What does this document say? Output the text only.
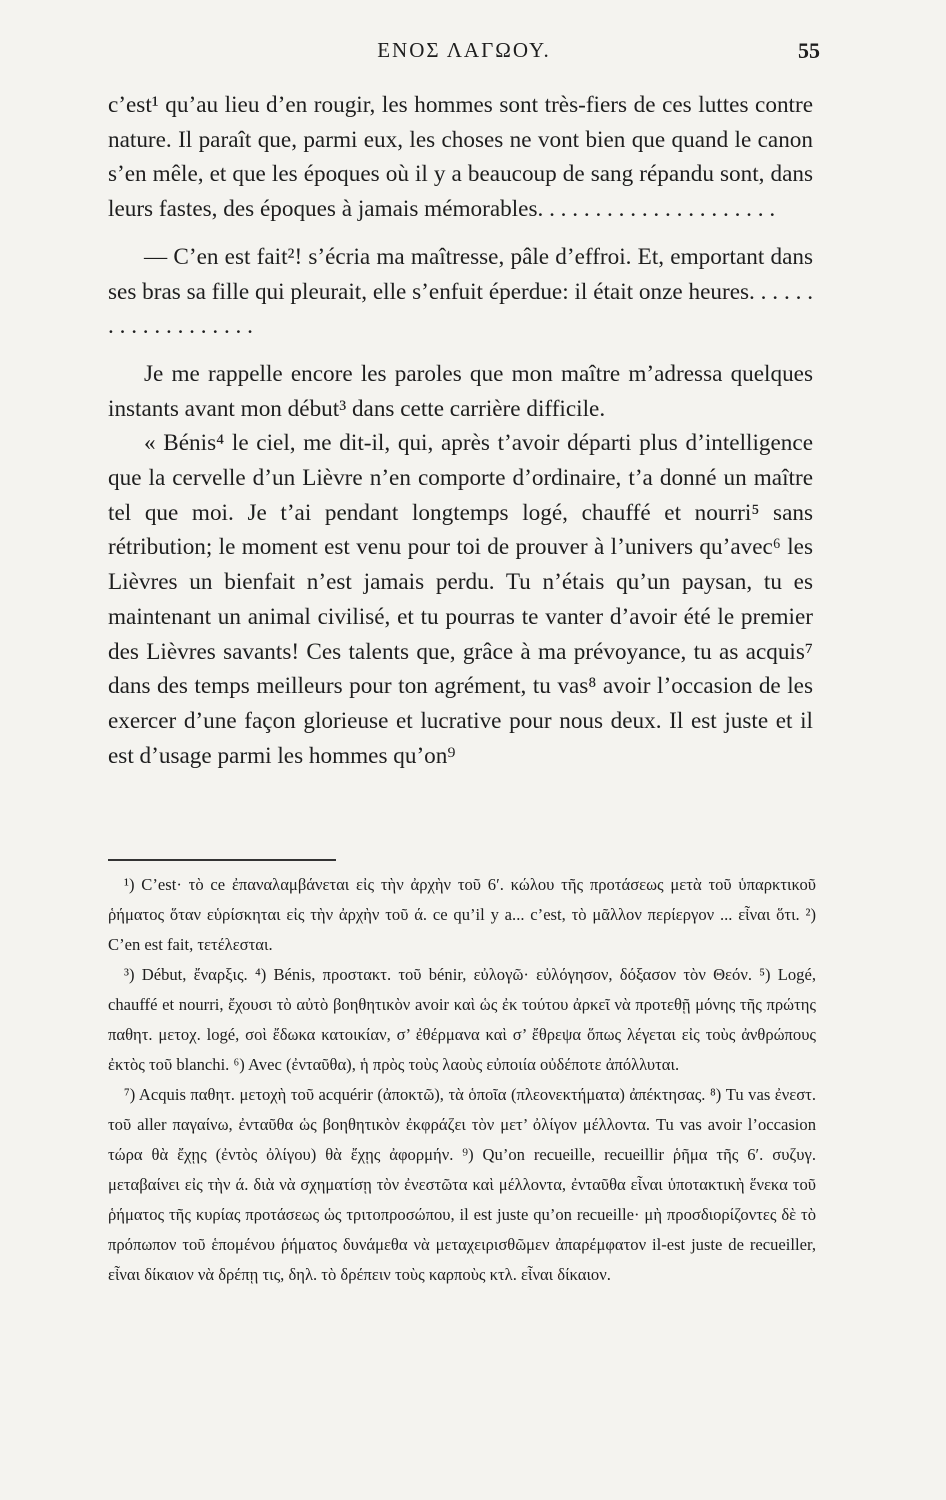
ΕΝΟΣ ΛΑΓΩΟΥ.	55

c’est¹ qu’au lieu d’en rougir, les hommes sont très-fiers de ces luttes contre nature. Il paraît que, parmi eux, les choses ne vont bien que quand le canon s’en mêle, et que les époques où il y a beaucoup de sang répandu sont, dans leurs fastes, des époques à jamais mémorables. . . . . . . . . . . . . . . . . . . . .

— C’en est fait²! s’écria ma maîtresse, pâle d’effroi. Et, emportant dans ses bras sa fille qui pleurait, elle s’enfuit éperdue: il était onze heures. . . . . . . . . . . . . . . . . . .

Je me rappelle encore les paroles que mon maître m’adressa quelques instants avant mon début³ dans cette carrière difficile.

« Bénis⁴ le ciel, me dit-il, qui, après t’avoir départi plus d’intelligence que la cervelle d’un Lièvre n’en comporte d’ordinaire, t’a donné un maître tel que moi. Je t’ai pendant longtemps logé, chauffé et nourri⁵ sans rétribution; le moment est venu pour toi de prouver à l’univers qu’avec⁶ les Lièvres un bienfait n’est jamais perdu. Tu n’étais qu’un paysan, tu es maintenant un animal civilisé, et tu pourras te vanter d’avoir été le premier des Lièvres savants! Ces talents que, grâce à ma prévoyance, tu as acquis⁷ dans des temps meilleurs pour ton agrément, tu vas⁸ avoir l’occasion de les exercer d’une façon glorieuse et lucrative pour nous deux. Il est juste et il est d’usage parmi les hommes qu’on⁹

¹) C’est· τὸ ce ἐπαναλαμβάνεται εἰς τὴν ἀρχὴν τοῦ 6′. κώλου τῆς προτάσεως μετὰ τοῦ ὑπαρκτικοῦ ῥήματος ὅταν εὑρίσκηται εἰς τὴν ἀρχὴν τοῦ ά. ce qu’il y a... c’est, τὸ μᾶλλον περίεργον ... εἶναι ὅτι. ²) C’en est fait, τετέλεσται.

³) Début, ἔναρξις. ⁴) Bénis, προστακτ. τοῦ bénir, εὐλογῶ· εὐλόγησον, δόξασον τὸν Θεόν. ⁵) Logé, chauffé et nourri, ἔχουσι τὸ αὐτὸ βοηθητικὸν avoir καὶ ὡς ἐκ τούτου ἀρκεῖ νὰ προτεθῇ μόνης τῆς πρώτης παθητ. μετοχ. logé, σοὶ ἔδωκα κατοικίαν, σ’ ἐθέρμανα καὶ σ’ ἔθρεψα ὅπως λέγεται εἰς τοὺς ἀνθρώπους ἐκτὸς τοῦ blanchi. ⁶) Avec (ἐνταῦθα), ἡ πρὸς τοὺς λαοὺς εὐποιία οὐδέποτε ἀπόλλυται.

⁷) Acquis παθητ. μετοχὴ τοῦ acquérir (ἀποκτῶ), τὰ ὁποῖα (πλεονεκτήματα) ἀπέκτησας. ⁸) Tu vas ἐνεστ. τοῦ aller παγαίνω, ἐνταῦθα ὡς βοηθητικὸν ἐκφράζει τὸν μετ’ ὀλίγον μέλλοντα. Tu vas avoir l’occasion τώρα θὰ ἔχῃς (ἐντὸς ὀλίγου) θὰ ἔχῃς ἀφορμήν. ⁹) Qu’on recueille, recueillir ῥῆμα τῆς 6′. συζυγ. μεταβαίνει εἰς τὴν ά. διὰ νὰ σχηματίσῃ τὸν ἐνεστῶτα καὶ μέλλοντα, ἐνταῦθα εἶναι ὑποτακτικὴ ἕνεκα τοῦ ῥήματος τῆς κυρίας προτάσεως ὡς τριτοπροσώπου, il est juste qu’on recueille· μὴ προσδιορίζοντες δὲ τὸ πρόπωπον τοῦ ἑπομένου ῥήματος δυνάμεθα νὰ μεταχειρισθῶμεν ἀπαρέμφατον il-est juste de recueiller, εἶναι δίκαιον νὰ δρέπῃ τις, δηλ. τὸ δρέπειν τοὺς καρποὺς κτλ. εἶναι δίκαιον.
